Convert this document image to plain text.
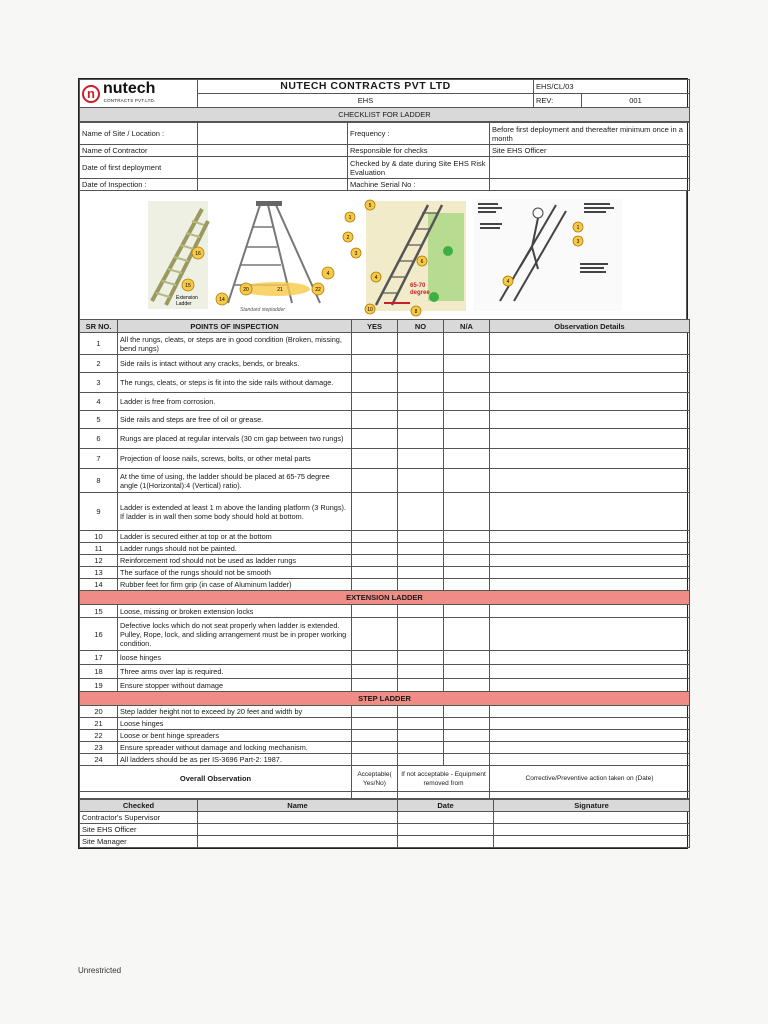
n nutech
CONTRACTS PVT.LTD.	NUTECH CONTRACTS PVT LTD	EHS/CL/03	
	EHS	REV:	001
CHECKLIST FOR LADDER			
Name of Site / Location :		Frequency :	Before first deployment and thereafter minimum once in a month
Name of Contractor		Responsible for checks	Site EHS Officer
Date of first deployment		Checked by & date during Site EHS Risk Evaluation	
Date of Inspection :		Machine Serial No :	
16
15
Extension
Ladder
14
20	21	22
4
Standard stepladder
5
1
2
3
6
4
10	8
65-70
degree
1
3
4
SR NO.	POINTS OF INSPECTION	YES	NO	N/A	Observation Details
1	All the rungs, cleats, or steps are in good condition (Broken, missing, bend rungs)				
2	Side rails is intact without any cracks, bends, or breaks.				
3	The rungs, cleats, or steps is fit into the side rails without damage.				
4	Ladder is free from corrosion.				
5	Side rails and steps are free of oil or grease.				
6	Rungs are placed at regular intervals (30 cm gap between two rungs)				
7	Projection of loose nails, screws, bolts, or other metal parts				
8	At the time of using, the ladder should be placed at 65-75 degree angle (1(Horizontal):4 (Vertical) ratio).				
9	Ladder is extended at least 1 m above the landing platform (3 Rungs). If ladder is in wall then some body should hold at bottom.				
10	Ladder is secured either at top or at the bottom				
11	Ladder rungs should not be painted.				
12	Reinforcement rod should not be used as ladder rungs				
13	The surface of the rungs should not be smooth				
14	Rubber feet for firm grip (in case of Aluminum ladder)				
EXTENSION LADDER					
15	Loose, missing or broken extension locks				
16	Defective locks which do not seat properly when ladder is extended. Pulley, Rope, lock, and sliding arrangement must be in proper working condition.				
17	loose hinges				
18	Three arms over lap is required.				
19	Ensure stopper without damage				
STEP LADDER					
20	Step ladder height not to exceed by 20 feet and width by				
21	Loose hinges				
22	Loose or bent hinge spreaders				
23	Ensure spreader without damage and locking mechanism.				
24	All ladders should be as per IS-3696 Part-2: 1987.				
Overall Observation		Acceptable( Yes/No)	If not acceptable - Equipment removed from		Corrective/Preventive action taken on (Date)

Checked	Name	Date	Signature
Contractor's Supervisor			
Site EHS Officer			
Site Manager			
Unrestricted
